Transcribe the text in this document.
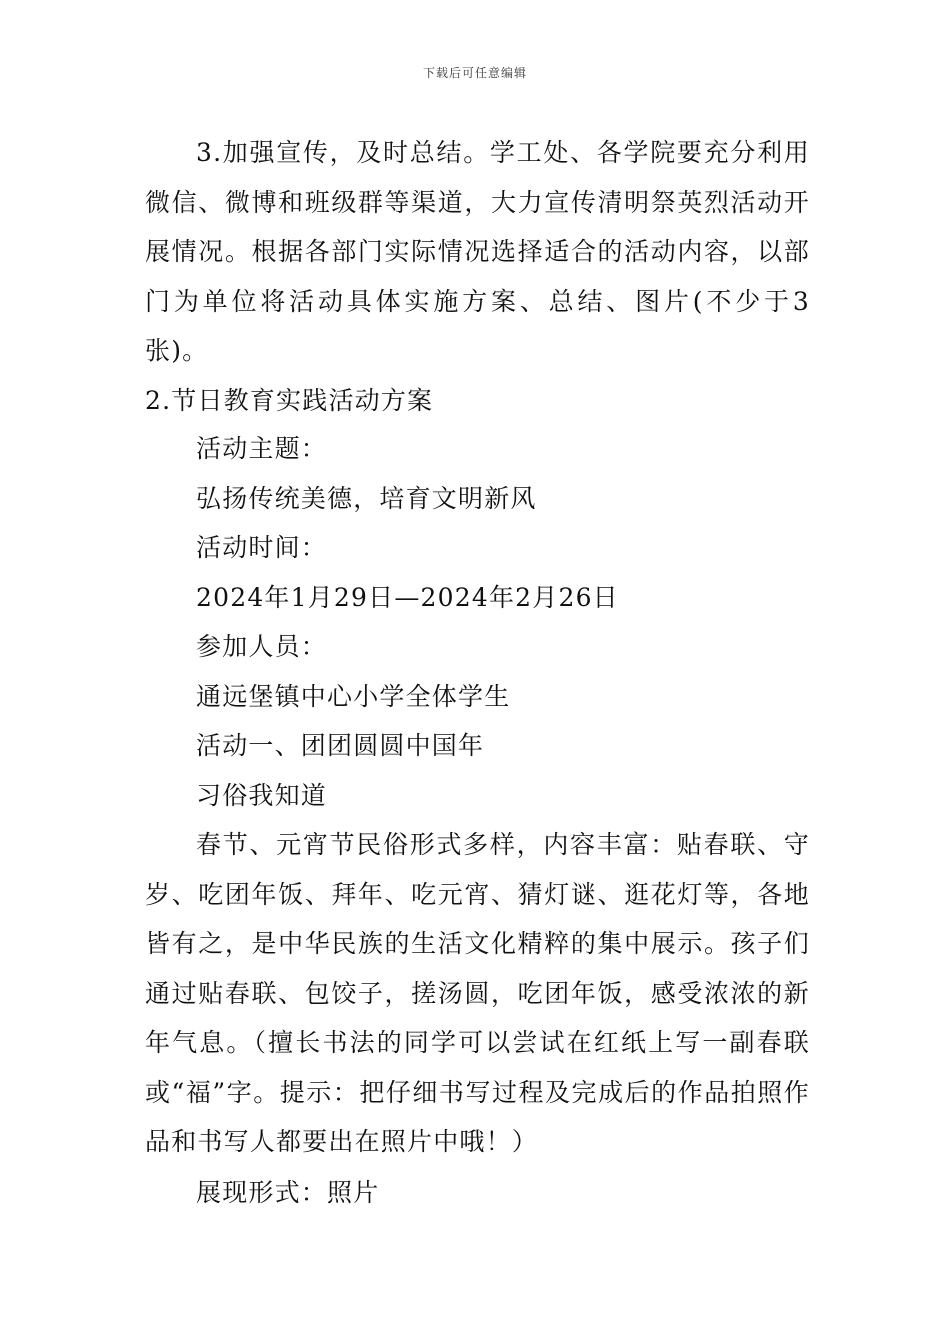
下载后可任意编辑

3.加强宣传，及时总结。学工处、各学院要充分利用微信、微博和班级群等渠道，大力宣传清明祭英烈活动开展情况。根据各部门实际情况选择适合的活动内容，以部门为单位将活动具体实施方案、总结、图片(不少于3张)。

2.节日教育实践活动方案

活动主题：

弘扬传统美德，培育文明新风

活动时间：

2024年1月29日—2024年2月26日

参加人员：

通远堡镇中心小学全体学生

活动一、团团圆圆中国年

习俗我知道

春节、元宵节民俗形式多样，内容丰富：贴春联、守岁、吃团年饭、拜年、吃元宵、猜灯谜、逛花灯等，各地皆有之，是中华民族的生活文化精粹的集中展示。孩子们通过贴春联、包饺子，搓汤圆，吃团年饭，感受浓浓的新年气息。（擅长书法的同学可以尝试在红纸上写一副春联或“福”字。提示：把仔细书写过程及完成后的作品拍照作品和书写人都要出在照片中哦！）

展现形式：照片
